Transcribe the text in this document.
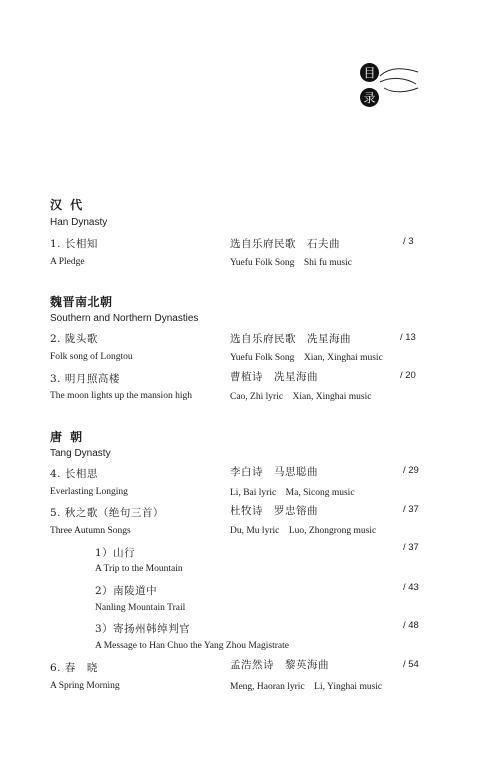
目
录
汉 代
Han Dynasty
1. 长相知	选自乐府民歌　石夫曲	/ 3
A Pledge	Yuefu Folk Song　Shi fu music
魏晋南北朝
Southern and Northern Dynasties
2. 陇头歌	选自乐府民歌　冼星海曲	/ 13
Folk song of Longtou	Yuefu Folk Song　Xian, Xinghai music
3. 明月照高楼	曹植诗　冼星海曲	/ 20
The moon lights up the mansion high	Cao, Zhi lyric　Xian, Xinghai music
唐 朝
Tang Dynasty
4. 长相思	李白诗　马思聪曲	/ 29
Everlasting Longing	Li, Bai lyric　Ma, Sicong music
5. 秋之歌（绝句三首）	杜牧诗　罗忠镕曲	/ 37
Three Autumn Songs	Du, Mu lyric　Luo, Zhongrong music
1）山行	/ 37
A Trip to the Mountain
2）南陵道中	/ 43
Nanling Mountain Trail
3）寄扬州韩绰判官	/ 48
A Message to Han Chuo the Yang Zhou Magistrate
6. 春　晓	孟浩然诗　黎英海曲	/ 54
A Spring Morning	Meng, Haoran lyric　Li, Yinghai music
